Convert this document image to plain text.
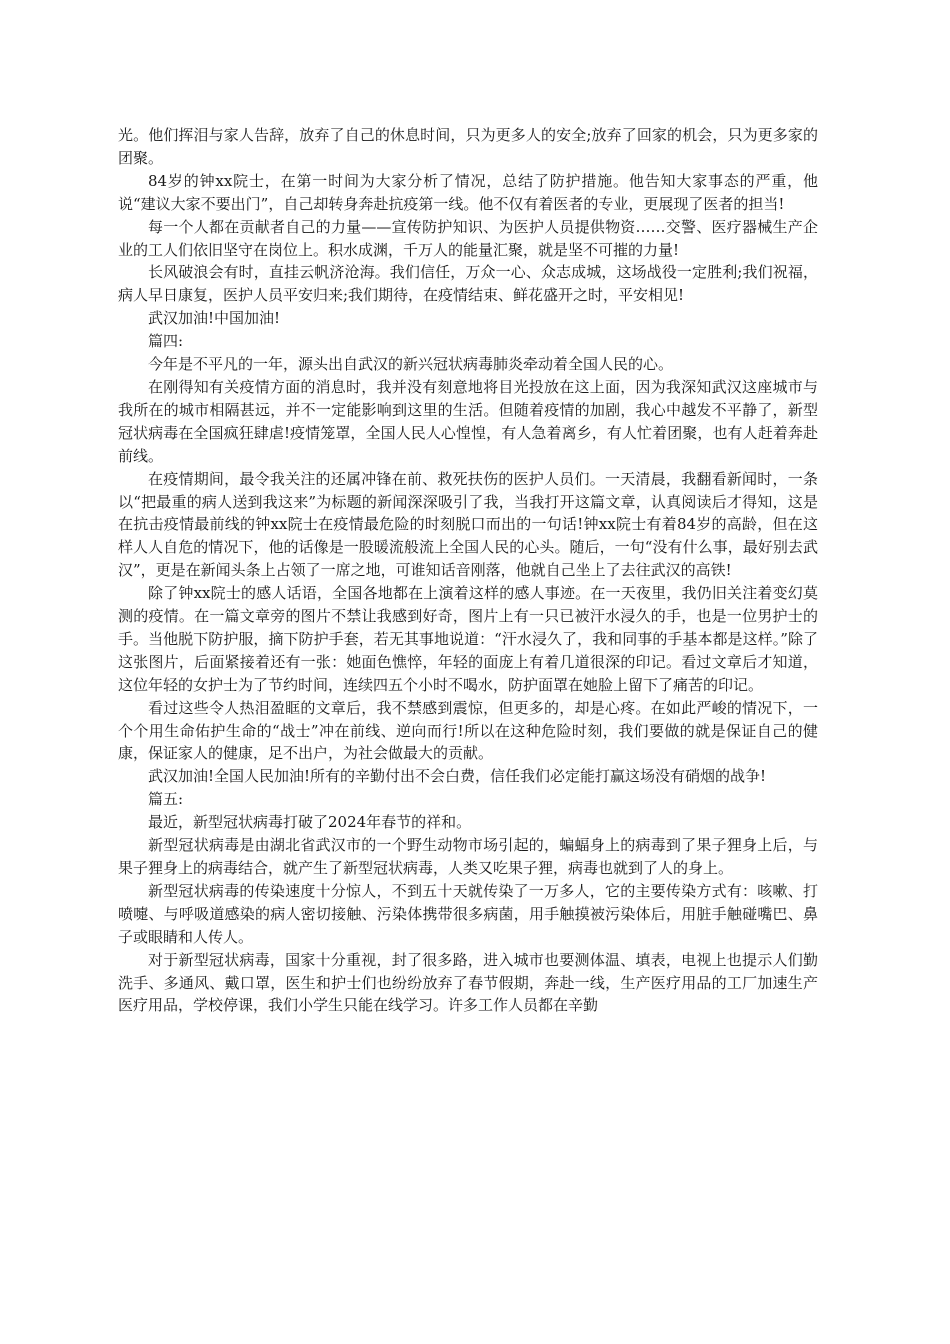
光。他们挥泪与家人告辞，放弃了自己的休息时间，只为更多人的安全;放弃了回家的机会，只为更多家的团聚。

84岁的钟xx院士，在第一时间为大家分析了情况，总结了防护措施。他告知大家事态的严重，他说“建议大家不要出门”，自己却转身奔赴抗疫第一线。他不仅有着医者的专业，更展现了医者的担当!

每一个人都在贡献者自己的力量——宣传防护知识、为医护人员提供物资……交警、医疗器械生产企业的工人们依旧坚守在岗位上。积水成渊，千万人的能量汇聚，就是坚不可摧的力量!

长风破浪会有时，直挂云帆济沧海。我们信任，万众一心、众志成城，这场战役一定胜利;我们祝福，病人早日康复，医护人员平安归来;我们期待，在疫情结束、鲜花盛开之时，平安相见!

武汉加油!中国加油!

篇四:

今年是不平凡的一年，源头出自武汉的新兴冠状病毒肺炎牵动着全国人民的心。

在刚得知有关疫情方面的消息时，我并没有刻意地将目光投放在这上面，因为我深知武汉这座城市与我所在的城市相隔甚远，并不一定能影响到这里的生活。但随着疫情的加剧，我心中越发不平静了，新型冠状病毒在全国疯狂肆虐!疫情笼罩，全国人民人心惶惶，有人急着离乡，有人忙着团聚，也有人赶着奔赴前线。

在疫情期间，最令我关注的还属冲锋在前、救死扶伤的医护人员们。一天清晨，我翻看新闻时，一条以“把最重的病人送到我这来”为标题的新闻深深吸引了我，当我打开这篇文章，认真阅读后才得知，这是在抗击疫情最前线的钟xx院士在疫情最危险的时刻脱口而出的一句话!钟xx院士有着84岁的高龄，但在这样人人自危的情况下，他的话像是一股暖流般流上全国人民的心头。随后，一句“没有什么事，最好别去武汉”，更是在新闻头条上占领了一席之地，可谁知话音刚落，他就自己坐上了去往武汉的高铁!

除了钟xx院士的感人话语，全国各地都在上演着这样的感人事迹。在一天夜里，我仍旧关注着变幻莫测的疫情。在一篇文章旁的图片不禁让我感到好奇，图片上有一只已被汗水浸久的手，也是一位男护士的手。当他脱下防护服，摘下防护手套，若无其事地说道：“汗水浸久了，我和同事的手基本都是这样。”除了这张图片，后面紧接着还有一张：她面色憔悴，年轻的面庞上有着几道很深的印记。看过文章后才知道，这位年轻的女护士为了节约时间，连续四五个小时不喝水，防护面罩在她脸上留下了痛苦的印记。

看过这些令人热泪盈眶的文章后，我不禁感到震惊，但更多的，却是心疼。在如此严峻的情况下，一个个用生命佑护生命的“战士”冲在前线、逆向而行!所以在这种危险时刻，我们要做的就是保证自己的健康，保证家人的健康，足不出户，为社会做最大的贡献。

武汉加油!全国人民加油!所有的辛勤付出不会白费，信任我们必定能打赢这场没有硝烟的战争!

篇五:

最近，新型冠状病毒打破了2024年春节的祥和。

新型冠状病毒是由湖北省武汉市的一个野生动物市场引起的，蝙蝠身上的病毒到了果子狸身上后，与果子狸身上的病毒结合，就产生了新型冠状病毒，人类又吃果子狸，病毒也就到了人的身上。

新型冠状病毒的传染速度十分惊人，不到五十天就传染了一万多人，它的主要传染方式有：咳嗽、打喷嚏、与呼吸道感染的病人密切接触、污染体携带很多病菌，用手触摸被污染体后，用脏手触碰嘴巴、鼻子或眼睛和人传人。

对于新型冠状病毒，国家十分重视，封了很多路，进入城市也要测体温、填表，电视上也提示人们勤洗手、多通风、戴口罩，医生和护士们也纷纷放弃了春节假期，奔赴一线，生产医疗用品的工厂加速生产医疗用品，学校停课，我们小学生只能在线学习。许多工作人员都在辛勤
